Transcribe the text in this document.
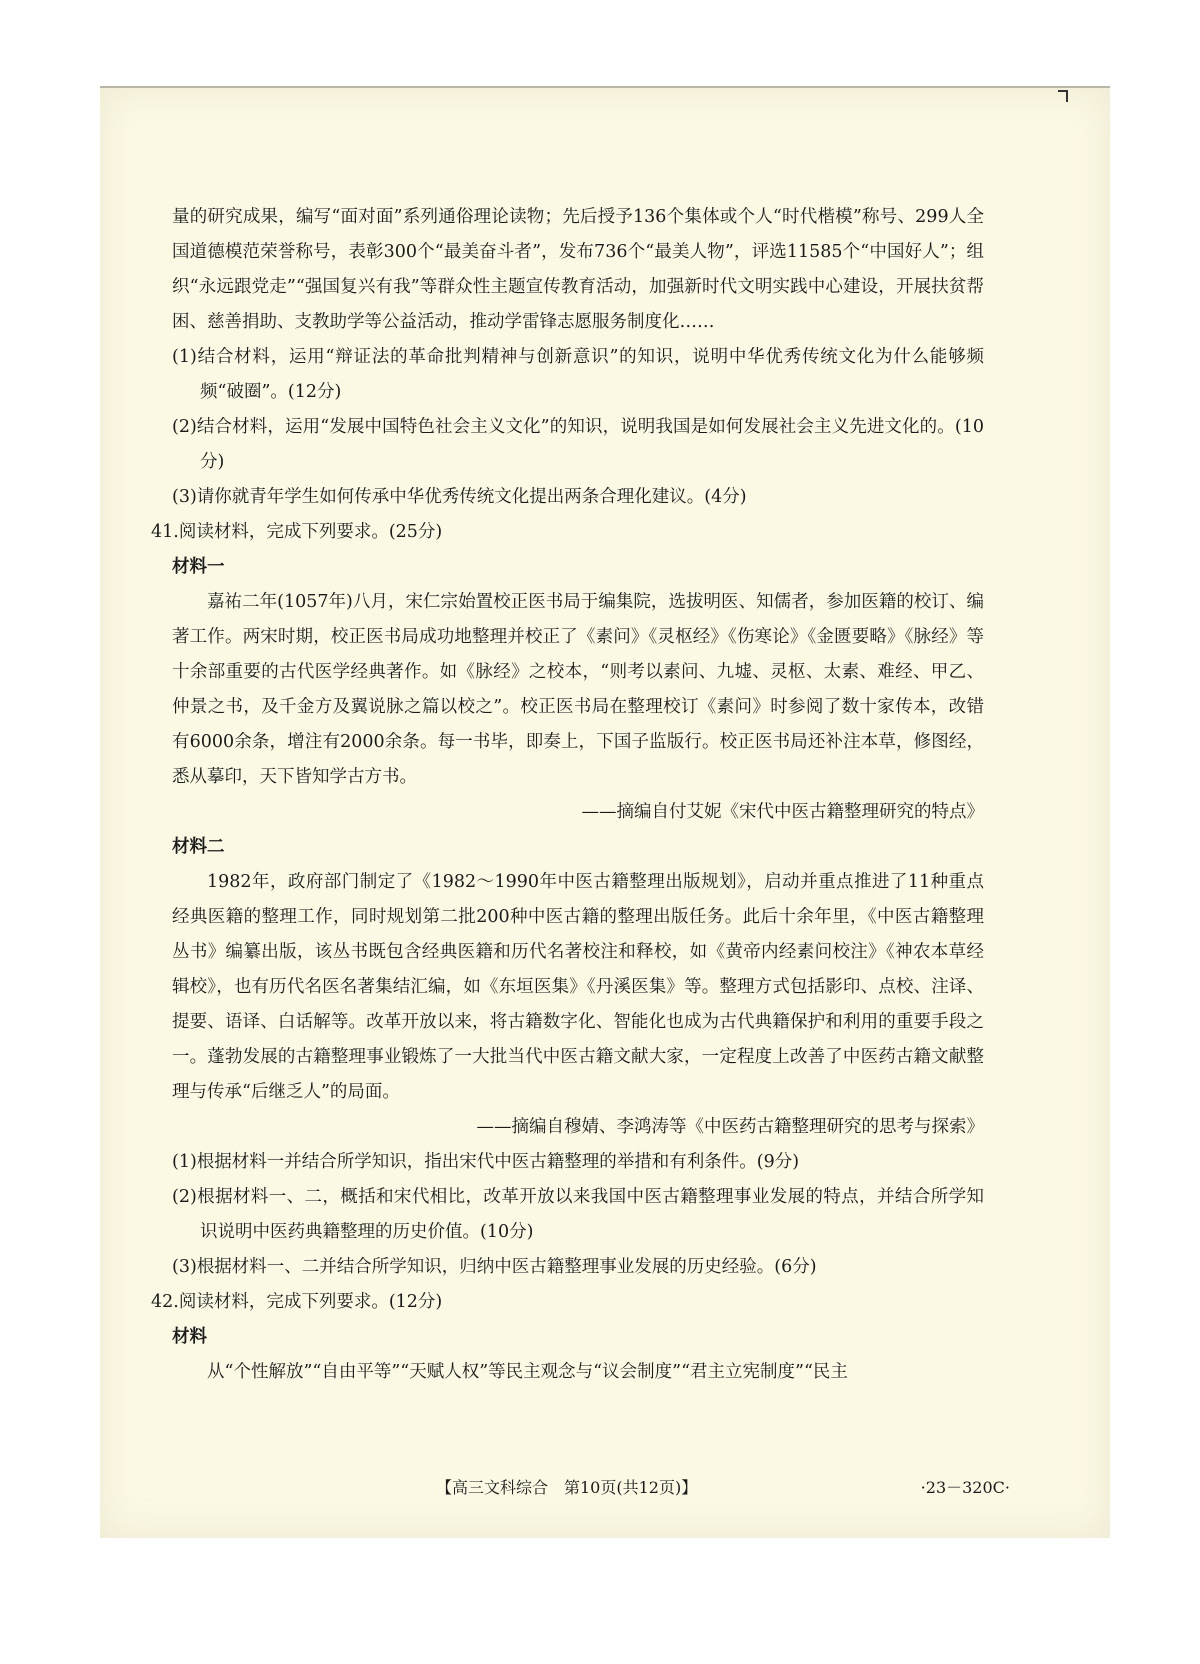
量的研究成果，编写“面对面”系列通俗理论读物；先后授予136个集体或个人“时代楷模”称号、299人全国道德模范荣誉称号，表彰300个“最美奋斗者”，发布736个“最美人物”，评选11585个“中国好人”；组织“永远跟党走”“强国复兴有我”等群众性主题宣传教育活动，加强新时代文明实践中心建设，开展扶贫帮困、慈善捐助、支教助学等公益活动，推动学雷锋志愿服务制度化……

(1)结合材料，运用“辩证法的革命批判精神与创新意识”的知识，说明中华优秀传统文化为什么能够频频“破圈”。(12分)

(2)结合材料，运用“发展中国特色社会主义文化”的知识，说明我国是如何发展社会主义先进文化的。(10分)

(3)请你就青年学生如何传承中华优秀传统文化提出两条合理化建议。(4分)

41.阅读材料，完成下列要求。(25分)

材料一

嘉祐二年(1057年)八月，宋仁宗始置校正医书局于编集院，选拔明医、知儒者，参加医籍的校订、编著工作。两宋时期，校正医书局成功地整理并校正了《素问》《灵枢经》《伤寒论》《金匮要略》《脉经》等十余部重要的古代医学经典著作。如《脉经》之校本，“则考以素问、九墟、灵枢、太素、难经、甲乙、仲景之书，及千金方及翼说脉之篇以校之”。校正医书局在整理校订《素问》时参阅了数十家传本，改错有6000余条，增注有2000余条。每一书毕，即奏上，下国子监版行。校正医书局还补注本草，修图经，悉从摹印，天下皆知学古方书。

——摘编自付艾妮《宋代中医古籍整理研究的特点》

材料二

1982年，政府部门制定了《1982～1990年中医古籍整理出版规划》，启动并重点推进了11种重点经典医籍的整理工作，同时规划第二批200种中医古籍的整理出版任务。此后十余年里，《中医古籍整理丛书》编纂出版，该丛书既包含经典医籍和历代名著校注和释校，如《黄帝内经素问校注》《神农本草经辑校》，也有历代名医名著集结汇编，如《东垣医集》《丹溪医集》等。整理方式包括影印、点校、注译、提要、语译、白话解等。改革开放以来，将古籍数字化、智能化也成为古代典籍保护和利用的重要手段之一。蓬勃发展的古籍整理事业锻炼了一大批当代中医古籍文献大家，一定程度上改善了中医药古籍文献整理与传承“后继乏人”的局面。

——摘编自穆婧、李鸿涛等《中医药古籍整理研究的思考与探索》

(1)根据材料一并结合所学知识，指出宋代中医古籍整理的举措和有利条件。(9分)

(2)根据材料一、二，概括和宋代相比，改革开放以来我国中医古籍整理事业发展的特点，并结合所学知识说明中医药典籍整理的历史价值。(10分)

(3)根据材料一、二并结合所学知识，归纳中医古籍整理事业发展的历史经验。(6分)

42.阅读材料，完成下列要求。(12分)

材料

从“个性解放”“自由平等”“天赋人权”等民主观念与“议会制度”“君主立宪制度”“民主

【高三文科综合　第10页(共12页)】	·23－320C·
